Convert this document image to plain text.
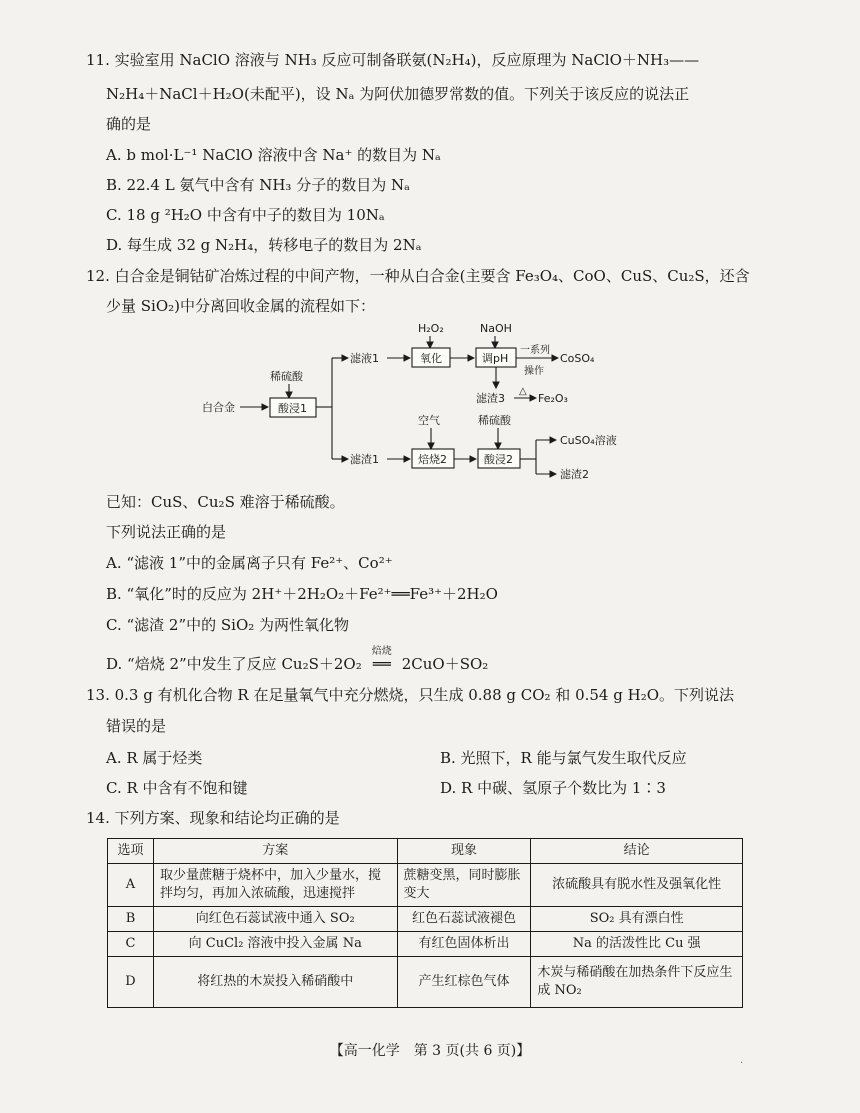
11. 实验室用 NaClO 溶液与 NH₃ 反应可制备联氨(N₂H₄)，反应原理为 NaClO＋NH₃——
N₂H₄＋NaCl＋H₂O(未配平)，设 Nₐ 为阿伏加德罗常数的值。下列关于该反应的说法正
确的是
A. b mol·L⁻¹ NaClO 溶液中含 Na⁺ 的数目为 Nₐ
B. 22.4 L 氨气中含有 NH₃ 分子的数目为 Nₐ
C. 18 g ²H₂O 中含有中子的数目为 10Nₐ
D. 每生成 32 g N₂H₄，转移电子的数目为 2Nₐ
12. 白合金是铜钴矿冶炼过程的中间产物，一种从白合金(主要含 Fe₃O₄、CoO、CuS、Cu₂S，还含
少量 SiO₂)中分离回收金属的流程如下：
白合金
稀硫酸
酸浸1
滤液1
H₂O₂
氧化
NaOH
调pH
一系列
操作
CoSO₄
滤渣3
△
Fe₂O₃
滤渣1
空气
焙烧2
稀硫酸
酸浸2
CuSO₄溶液
滤渣2
已知：CuS、Cu₂S 难溶于稀硫酸。
下列说法正确的是
A. “滤液 1”中的金属离子只有 Fe²⁺、Co²⁺
B. “氧化”时的反应为 2H⁺＋2H₂O₂＋Fe²⁺══Fe³⁺＋2H₂O
C. “滤渣 2”中的 SiO₂ 为两性氧化物
D. “焙烧 2”中发生了反应 Cu₂S＋2O₂
焙烧
══ 2CuO＋SO₂
13. 0.3 g 有机化合物 R 在足量氧气中充分燃烧，只生成 0.88 g CO₂ 和 0.54 g H₂O。下列说法
错误的是
A. R 属于烃类	B. 光照下，R 能与氯气发生取代反应
C. R 中含有不饱和键	D. R 中碳、氢原子个数比为 1∶3
14. 下列方案、现象和结论均正确的是
选项	方案	现象	结论
A	取少量蔗糖于烧杯中，加入少量水，搅拌均匀，再加入浓硫酸，迅速搅拌	蔗糖变黑，同时膨胀变大	浓硫酸具有脱水性及强氧化性
B	向红色石蕊试液中通入 SO₂	红色石蕊试液褪色	SO₂ 具有漂白性
C	向 CuCl₂ 溶液中投入金属 Na	有红色固体析出	Na 的活泼性比 Cu 强
D	将红热的木炭投入稀硝酸中	产生红棕色气体	木炭与稀硝酸在加热条件下反应生成 NO₂
【高一化学　第 3 页(共 6 页)】
·
